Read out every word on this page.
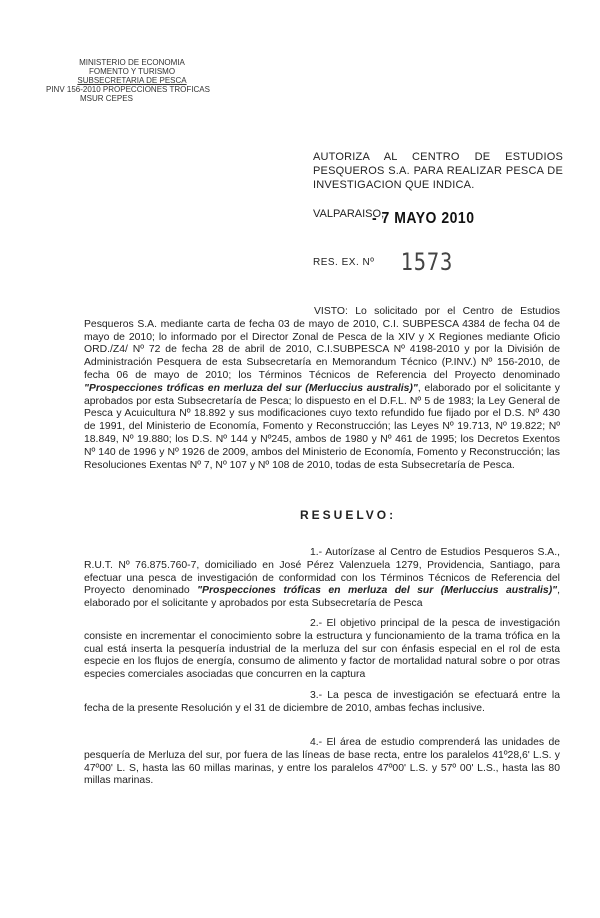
MINISTERIO DE ECONOMIA
FOMENTO Y TURISMO
SUBSECRETARIA DE PESCA
PINV 156-2010 PROPECCIONES TROFICAS
MSUR CEPES
AUTORIZA AL CENTRO DE ESTUDIOS PESQUEROS S.A. PARA REALIZAR PESCA DE INVESTIGACION QUE INDICA.
VALPARAISO,
- 7 MAYO 2010
RES. EX. Nº 1573
VISTO: Lo solicitado por el Centro de Estudios Pesqueros S.A. mediante carta de fecha 03 de mayo de 2010, C.I. SUBPESCA 4384 de fecha 04 de mayo de 2010; lo informado por el Director Zonal de Pesca de la XIV y X Regiones mediante Oficio ORD./Z4/ Nº 72 de fecha 28 de abril de 2010, C.I.SUBPESCA Nº 4198-2010 y por la División de Administración Pesquera de esta Subsecretaría en Memorandum Técnico (P.INV.) Nº 156-2010, de fecha 06 de mayo de 2010; los Términos Técnicos de Referencia del Proyecto denominado "Prospecciones tróficas en merluza del sur (Merluccius australis)", elaborado por el solicitante y aprobados por esta Subsecretaría de Pesca; lo dispuesto en el D.F.L. Nº 5 de 1983; la Ley General de Pesca y Acuicultura Nº 18.892 y sus modificaciones cuyo texto refundido fue fijado por el D.S. Nº 430 de 1991, del Ministerio de Economía, Fomento y Reconstrucción; las Leyes Nº 19.713, Nº 19.822; Nº 18.849, Nº 19.880; los D.S. Nº 144 y Nº245, ambos de 1980 y Nº 461 de 1995; los Decretos Exentos Nº 140 de 1996 y Nº 1926 de 2009, ambos del Ministerio de Economía, Fomento y Reconstrucción; las Resoluciones Exentas Nº 7, Nº 107 y Nº 108 de 2010, todas de esta Subsecretaría de Pesca.
RESUELVO:
1.- Autorízase al Centro de Estudios Pesqueros S.A., R.U.T. Nº 76.875.760-7, domiciliado en José Pérez Valenzuela 1279, Providencia, Santiago, para efectuar una pesca de investigación de conformidad con los Términos Técnicos de Referencia del Proyecto denominado "Prospecciones tróficas en merluza del sur (Merluccius australis)", elaborado por el solicitante y aprobados por esta Subsecretaría de Pesca
2.- El objetivo principal de la pesca de investigación consiste en incrementar el conocimiento sobre la estructura y funcionamiento de la trama trófica en la cual está inserta la pesquería industrial de la merluza del sur con énfasis especial en el rol de esta especie en los flujos de energía, consumo de alimento y factor de mortalidad natural sobre o por otras especies comerciales asociadas que concurren en la captura
3.- La pesca de investigación se efectuará entre la fecha de la presente Resolución y el 31 de diciembre de 2010, ambas fechas inclusive.
4.- El área de estudio comprenderá las unidades de pesquería de Merluza del sur, por fuera de las líneas de base recta, entre los paralelos 41º28,6' L.S. y 47º00' L. S, hasta las 60 millas marinas, y entre los paralelos 47º00' L.S. y 57º 00' L.S., hasta las 80 millas marinas.
